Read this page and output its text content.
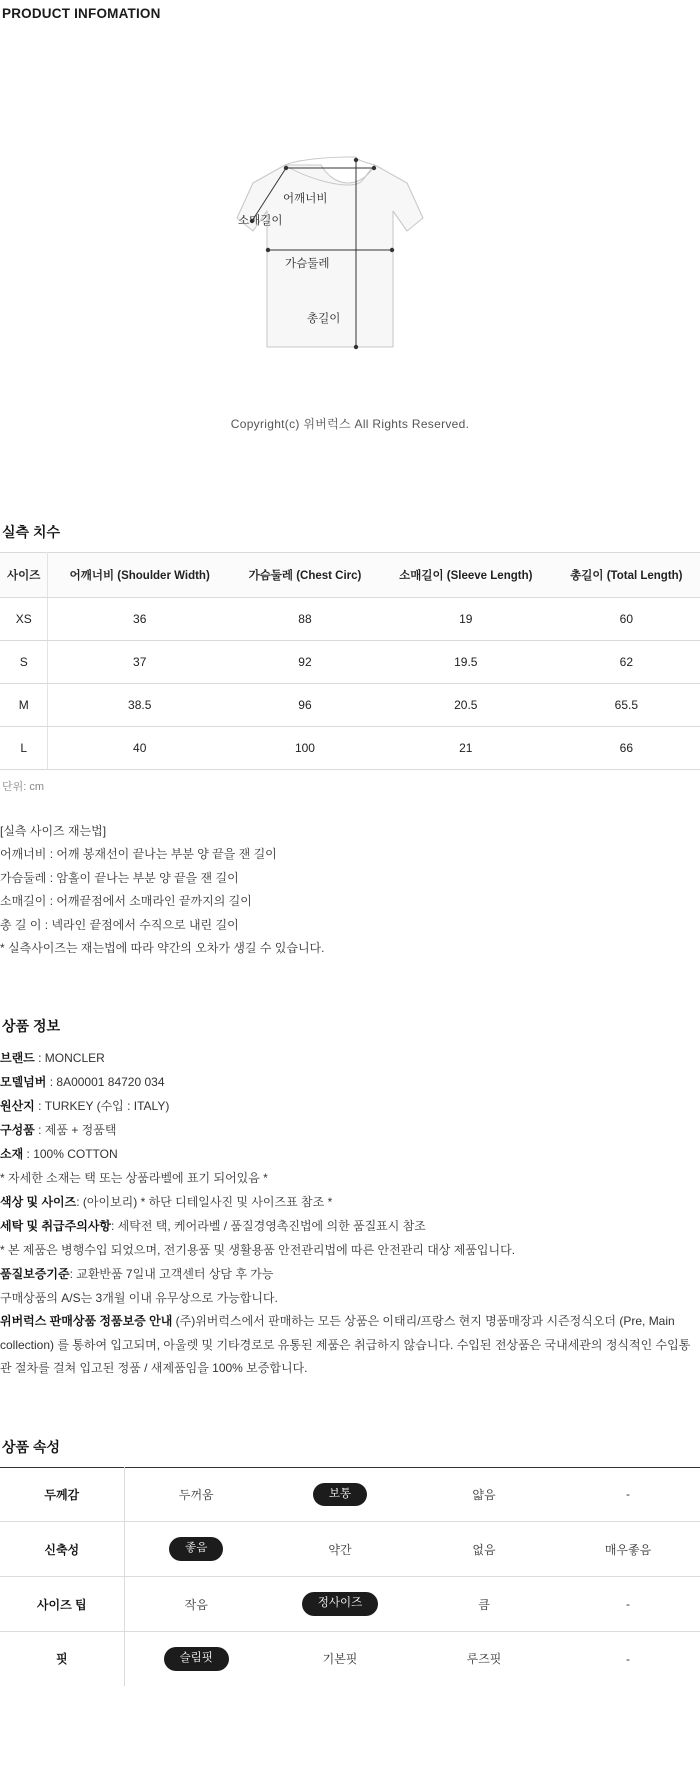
PRODUCT INFOMATION
어깨너비
소매길이
가슴둘레
총길이

Copyright(c) 위버럭스 All Rights Reserved.

실측 치수
사이즈	어깨너비 (Shoulder Width)	가슴둘레 (Chest Circ)	소매길이 (Sleeve Length)	총길이 (Total Length)
XS	36	88	19	60
S	37	92	19.5	62
M	38.5	96	20.5	65.5
L	40	100	21	66
단위: cm
[실측 사이즈 재는법]
어깨너비 : 어깨 봉재선이 끝나는 부분 양 끝을 잰 길이
가슴둘레 : 암홀이 끝나는 부분 양 끝을 잰 길이
소매길이 : 어깨끝점에서 소매라인 끝까지의 길이
총 길 이 : 넥라인 끝점에서 수직으로 내린 길이
* 실측사이즈는 재는법에 따라 약간의 오차가 생길 수 있습니다.
상품 정보
브랜드 : MONCLER
모델넘버 : 8A00001 84720 034
원산지 : TURKEY (수입 : ITALY)
구성품 : 제품 + 정품택
소재 : 100% COTTON
* 자세한 소재는 택 또는 상품라벨에 표기 되어있음 *
색상 및 사이즈: (아이보리) * 하단 디테일사진 및 사이즈표 참조 *
세탁 및 취급주의사항: 세탁전 택, 케어라벨 / 품질경영촉진법에 의한 품질표시 참조
* 본 제품은 병행수입 되었으며, 전기용품 및 생활용품 안전관리법에 따른 안전관리 대상 제품입니다.
품질보증기준: 교환반품 7일내 고객센터 상담 후 가능
구매상품의 A/S는 3개월 이내 유무상으로 가능합니다.
위버럭스 판매상품 정품보증 안내 (주)위버럭스에서 판매하는 모든 상품은 이태리/프랑스 현지 명품매장과 시즌정식오더 (Pre, Main collection) 를 통하여 입고되며, 아울렛 및 기타경로로 유통된 제품은 취급하지 않습니다. 수입된 전상품은 국내세관의 정식적인 수입통관 절차를 걸쳐 입고된 정품 / 새제품임을 100% 보증합니다.
상품 속성
두께감	두꺼움	보통	얇음	-
신축성	좋음	약간	없음	매우좋음
사이즈 팁	작음	정사이즈	큼	-
핏	슬림핏	기본핏	루즈핏	-
